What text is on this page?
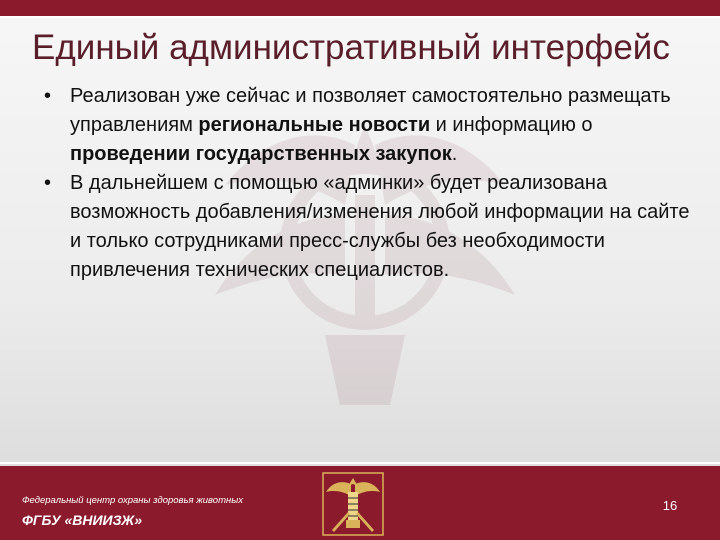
Единый административный интерфейс

• Реализован уже сейчас и позволяет самостоятельно размещать управлениям региональные новости и информацию о проведении государственных закупок.

• В дальнейшем с помощью «админки» будет реализована возможность добавления/изменения любой информации на сайте и только сотрудниками пресс-службы без необходимости привлечения технических специалистов.

Федеральный центр охраны здоровья животных
ФГБУ «ВНИИЗЖ»
16
